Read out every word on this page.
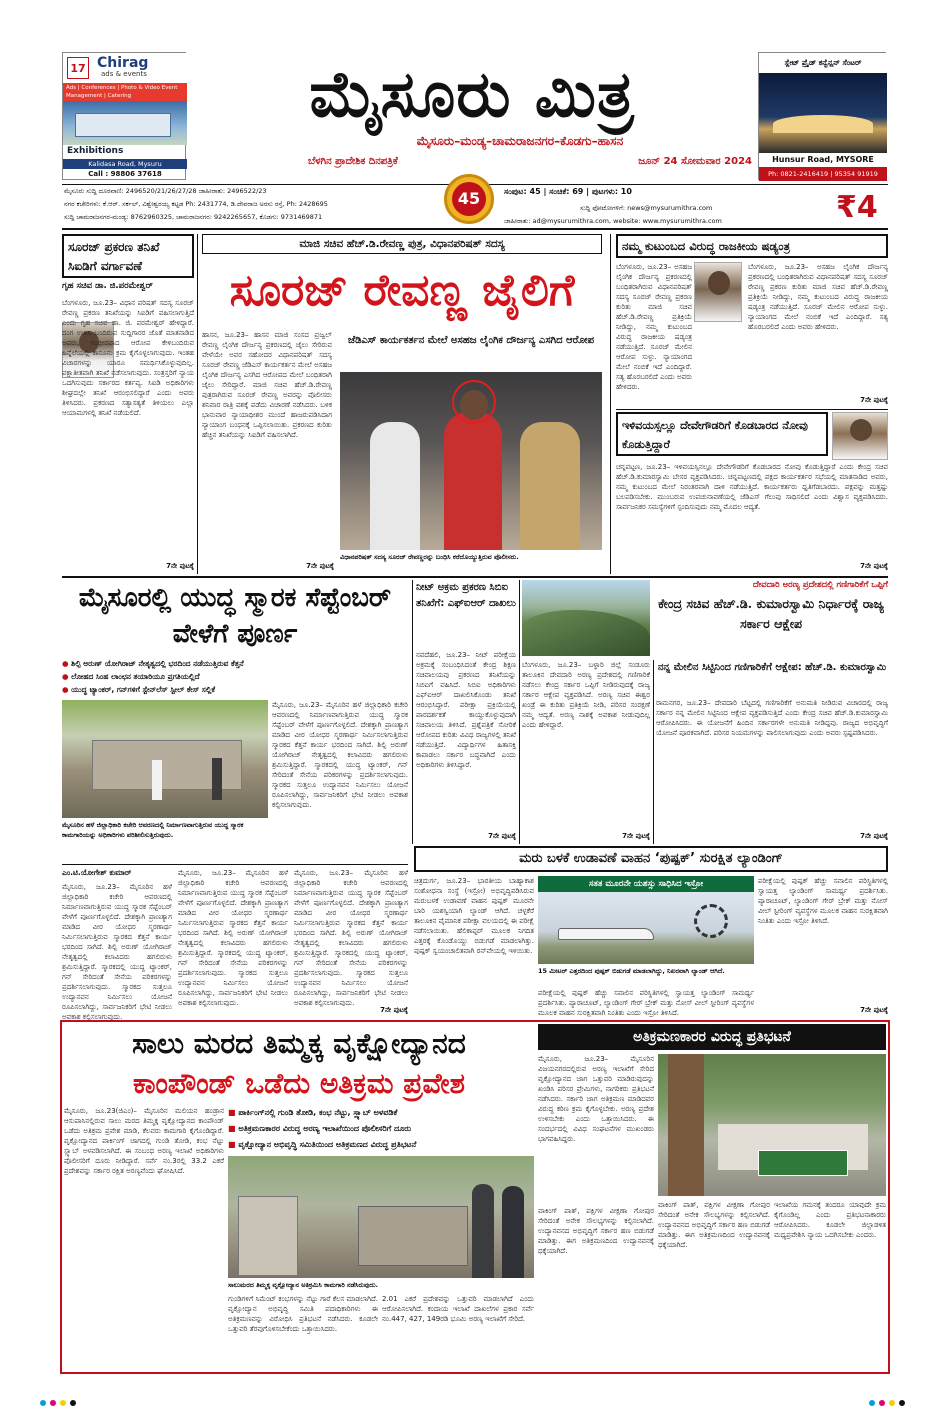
17 Chirag
ads & events
Ads | Conferences | Photo & Video Event Management | Catering
Exhibitions
Kalidasa Road, Mysuru
Call : 98806 37618
ಮೈಸೂರು ಮಿತ್ರ
ಮೈಸೂರು–ಮಂಡ್ಯ–ಚಾಮರಾಜನಗರ–ಕೊಡಗು–ಹಾಸನ
ಬೆಳಗಿನ ಪ್ರಾದೇಶಿಕ ದಿನಪತ್ರಿಕೆ	ಜೂನ್ 24 ಸೋಮವಾರ 2024
ಸ್ಲೇಟ್ ಪ್ರೈಡ್ ಕನ್ವೆನ್ಷನ್ ಸೆಂಟರ್
Hunsur Road, MYSORE
Ph: 0821-2416419 | 95354 91919
ಮೈಸೂರು ಸುದ್ದಿ ದೂರವಾಣಿ: 2496520/21/26/27/28 ಜಾಹೀರಾತು: 2496522/23
ನಗರ ಕಚೇರಿಗಳು: ಕೆ.ಆರ್. ಸರ್ಕಲ್, ವಿಶ್ವೇಶ್ವರಯ್ಯ ಕಟ್ಟಡ Ph: 2431774, ಡಿ.ದೇವರಾಜ ಅರಸು ರಸ್ತೆ, Ph: 2428695
ಸುದ್ದಿ ಚಾಮರಾಜನಗರ-ಮಂಡ್ಯ: 8762960325, ಚಾಮರಾಜನಗರ: 9242265657, ಕೊಡಗು: 9731469871
45	ಸಂಪುಟ: 45 | ಸಂಚಿಕೆ: 69 | ಪುಟಗಳು: 10
ಸುದ್ದಿ ಫೋಟೋಗಳಿಗೆ: news@mysurumithra.com
ಜಾಹೀರಾತು: ad@mysurumithra.com, website: www.mysurumithra.com	₹4
ಸೂರಜ್ ಪ್ರಕರಣ ತನಿಖೆ ಸಿಐಡಿಗೆ ವರ್ಗಾವಣೆ
ಗೃಹ ಸಚಿವ ಡಾ. ಜಿ.ಪರಮೇಶ್ವರ್
ಬೆಂಗಳೂರು, ಜೂ.23– ವಿಧಾನ ಪರಿಷತ್ ಸದಸ್ಯ ಸೂರಜ್ ರೇವಣ್ಣ ಪ್ರಕರಣ ತನಿಖೆಯನ್ನು ಸಿಐಡಿಗೆ ವಹಿಸಲಾಗುತ್ತಿದೆ ಎಂದು ಗೃಹ ಸಚಿವ ಡಾ. ಜಿ. ಪರಮೇಶ್ವರ್ ಹೇಳಿದ್ದಾರೆ. ದಂಗ ಉಳಿಸಿ ಬಂದಿರುವ ಸುದ್ದಿಗಾರರ ಜೊತೆ ಮಾತನಾಡಿದ ಅವರು, ಗಂಭೀರವಾದ ಆರೋಪ ಕೇಳಿಬಂದಿರುವ ಹಿನ್ನೆಲೆಯಲ್ಲಿ ಕಾನೂನು ಕ್ರಮ ಕೈಗೊಳ್ಳಲಾಗುವುದು. ಇಂತಹ ವಿಚಾರಗಳನ್ನು ಯಾರೂ ಸಮರ್ಥಿಸಿಕೊಳ್ಳುವುದಿಲ್ಲ. ಪಕ್ಷಾತೀತವಾಗಿ ತನಿಖೆ ನಡೆಸಲಾಗುವುದು. ಸಂತ್ರಸ್ತರಿಗೆ ನ್ಯಾಯ ಒದಗಿಸುವುದು ಸರ್ಕಾರದ ಕರ್ತವ್ಯ. ಸಿಐಡಿ ಅಧಿಕಾರಿಗಳು ಶೀಘ್ರದಲ್ಲೇ ತನಿಖೆ ಆರಂಭಿಸಲಿದ್ದಾರೆ ಎಂದು ಅವರು ತಿಳಿಸಿದರು. ಪ್ರಕರಣದ ಸತ್ಯಾಸತ್ಯತೆ ತಿಳಿಯಲು ಎಲ್ಲಾ ಆಯಾಮಗಳಲ್ಲಿ ತನಿಖೆ ನಡೆಯಲಿದೆ.
7ನೇ ಪುಟಕ್ಕೆ
ಮಾಜಿ ಸಚಿವ ಹೆಚ್.ಡಿ.ರೇವಣ್ಣ ಪುತ್ರ, ವಿಧಾನಪರಿಷತ್ ಸದಸ್ಯ
ಸೂರಜ್ ರೇವಣ್ಣ ಜೈಲಿಗೆ
ಹಾಸನ, ಜೂ.23– ಹಾಸನ ಮಾಜಿ ಸಂಸದ ಪ್ರಜ್ವಲ್ ರೇವಣ್ಣ ಲೈಂಗಿಕ ದೌರ್ಜನ್ಯ ಪ್ರಕರಣದಲ್ಲಿ ಜೈಲು ಸೇರಿರುವ ವೇಳೆಯೇ ಅವರ ಸಹೋದರ ವಿಧಾನಪರಿಷತ್ ಸದಸ್ಯ ಸೂರಜ್ ರೇವಣ್ಣ ಜೆಡಿಎಸ್ ಕಾರ್ಯಕರ್ತನ ಮೇಲೆ ಅಸಹಜ ಲೈಂಗಿಕ ದೌರ್ಜನ್ಯ ಎಸಗಿದ ಆರೋಪದ ಮೇಲೆ ಬಂಧಿತರಾಗಿ ಜೈಲು ಸೇರಿದ್ದಾರೆ. ಮಾಜಿ ಸಚಿವ ಹೆಚ್.ಡಿ.ರೇವಣ್ಣ ಪುತ್ರರಾಗಿರುವ ಸೂರಜ್ ರೇವಣ್ಣ ಅವರನ್ನು ಪೊಲೀಸರು ಶನಿವಾರ ರಾತ್ರಿ ವಶಕ್ಕೆ ಪಡೆದು ವಿಚಾರಣೆ ನಡೆಸಿದರು. ಬಳಿಕ ಭಾನುವಾರ ನ್ಯಾಯಾಧೀಶರ ಮುಂದೆ ಹಾಜರುಪಡಿಸಿದಾಗ ನ್ಯಾಯಾಂಗ ಬಂಧನಕ್ಕೆ ಒಪ್ಪಿಸಲಾಯಿತು. ಪ್ರಕರಣದ ಕುರಿತು ಹೆಚ್ಚಿನ ತನಿಖೆಯನ್ನು ಸಿಐಡಿಗೆ ವಹಿಸಲಾಗಿದೆ.
ಜೆಡಿಎಸ್ ಕಾರ್ಯಕರ್ತನ ಮೇಲೆ ಅಸಹಜ ಲೈಂಗಿಕ ದೌರ್ಜನ್ಯ ಎಸಗಿದ ಆರೋಪ
ವಿಧಾನಪರಿಷತ್ ಸದಸ್ಯ ಸೂರಜ್ ರೇವಣ್ಣರನ್ನು ಬಂಧಿಸಿ ಕರೆದೊಯ್ಯುತ್ತಿರುವ ಪೊಲೀಸರು.
7ನೇ ಪುಟಕ್ಕೆ
ನಮ್ಮ ಕುಟುಂಬದ ವಿರುದ್ಧ ರಾಜಕೀಯ ಷಡ್ಯಂತ್ರ
ಬೆಂಗಳೂರು, ಜೂ.23– ಅಸಹಜ ಲೈಂಗಿಕ ದೌರ್ಜನ್ಯ ಪ್ರಕರಣದಲ್ಲಿ ಬಂಧಿತರಾಗಿರುವ ವಿಧಾನಪರಿಷತ್ ಸದಸ್ಯ ಸೂರಜ್ ರೇವಣ್ಣ ಪ್ರಕರಣ ಕುರಿತು ಮಾಜಿ ಸಚಿವ ಹೆಚ್.ಡಿ.ರೇವಣ್ಣ ಪ್ರತಿಕ್ರಿಯೆ ನೀಡಿದ್ದು, ನಮ್ಮ ಕುಟುಂಬದ ವಿರುದ್ಧ ರಾಜಕೀಯ ಷಡ್ಯಂತ್ರ ನಡೆಯುತ್ತಿದೆ. ಸೂರಜ್ ಮೇಲಿನ ಆರೋಪ ಸುಳ್ಳು. ನ್ಯಾಯಾಂಗದ ಮೇಲೆ ನಂಬಿಕೆ ಇದೆ ಎಂದಿದ್ದಾರೆ. ಸತ್ಯ ಹೊರಬರಲಿದೆ ಎಂದು ಅವರು ಹೇಳಿದರು.
ಬೆಂಗಳೂರು, ಜೂ.23– ಅಸಹಜ ಲೈಂಗಿಕ ದೌರ್ಜನ್ಯ ಪ್ರಕರಣದಲ್ಲಿ ಬಂಧಿತರಾಗಿರುವ ವಿಧಾನಪರಿಷತ್ ಸದಸ್ಯ ಸೂರಜ್ ರೇವಣ್ಣ ಪ್ರಕರಣ ಕುರಿತು ಮಾಜಿ ಸಚಿವ ಹೆಚ್.ಡಿ.ರೇವಣ್ಣ ಪ್ರತಿಕ್ರಿಯೆ ನೀಡಿದ್ದು, ನಮ್ಮ ಕುಟುಂಬದ ವಿರುದ್ಧ ರಾಜಕೀಯ ಷಡ್ಯಂತ್ರ ನಡೆಯುತ್ತಿದೆ. ಸೂರಜ್ ಮೇಲಿನ ಆರೋಪ ಸುಳ್ಳು. ನ್ಯಾಯಾಂಗದ ಮೇಲೆ ನಂಬಿಕೆ ಇದೆ ಎಂದಿದ್ದಾರೆ. ಸತ್ಯ ಹೊರಬರಲಿದೆ ಎಂದು ಅವರು ಹೇಳಿದರು.
7ನೇ ಪುಟಕ್ಕೆ
ಇಳಿವಯಸ್ಸಲ್ಲೂ ದೇವೇಗೌಡರಿಗೆ ಕೊಡಬಾರದ ನೋವು ಕೊಡುತ್ತಿದ್ದಾರೆ
ಚನ್ನಪಟ್ಟಣ, ಜೂ.23– ಇಳಿವಯಸ್ಸಿನಲ್ಲೂ ದೇವೇಗೌಡರಿಗೆ ಕೊಡಬಾರದ ನೋವು ಕೊಡುತ್ತಿದ್ದಾರೆ ಎಂದು ಕೇಂದ್ರ ಸಚಿವ ಹೆಚ್.ಡಿ.ಕುಮಾರಸ್ವಾಮಿ ಬೇಸರ ವ್ಯಕ್ತಪಡಿಸಿದರು. ಚನ್ನಪಟ್ಟಣದಲ್ಲಿ ಪಕ್ಷದ ಕಾರ್ಯಕರ್ತರ ಸಭೆಯಲ್ಲಿ ಮಾತನಾಡಿದ ಅವರು, ನಮ್ಮ ಕುಟುಂಬದ ಮೇಲೆ ನಿರಂತರವಾಗಿ ದಾಳಿ ನಡೆಯುತ್ತಿದೆ. ಕಾರ್ಯಕರ್ತರು ಧೃತಿಗೆಡಬಾರದು. ಪಕ್ಷವನ್ನು ಮತ್ತಷ್ಟು ಬಲಪಡಿಸಬೇಕು. ಮುಂಬರುವ ಉಪಚುನಾವಣೆಯಲ್ಲಿ ಜೆಡಿಎಸ್ ಗೆಲುವು ಸಾಧಿಸಲಿದೆ ಎಂದು ವಿಶ್ವಾಸ ವ್ಯಕ್ತಪಡಿಸಿದರು. ಸಾರ್ವಜನಿಕರ ಸಮಸ್ಯೆಗಳಿಗೆ ಸ್ಪಂದಿಸುವುದು ನಮ್ಮ ಮೊದಲ ಆದ್ಯತೆ.
7ನೇ ಪುಟಕ್ಕೆ
ಮೈಸೂರಲ್ಲಿ ಯುದ್ಧ ಸ್ಮಾರಕ ಸೆಪ್ಟೆಂಬರ್ ವೇಳೆಗೆ ಪೂರ್ಣ
● ಶಿಲ್ಪಿ ಅರುಣ್ ಯೋಗಿರಾಜ್ ನೇತೃತ್ವದಲ್ಲಿ ಭರದಿಂದ ನಡೆಯುತ್ತಿರುವ ಕೆತ್ತನೆ
● ಲೋಹದ ಸಿಂಹ ಲಾಂಛನ ತಯಾರಿಯೂ ಪ್ರಗತಿಯಲ್ಲಿದೆ
● ಯುದ್ಧ ಟ್ಯಾಂಕರ್, ಗನ್‌ಗಳಿಗೆ ಸ್ಟೇನ್‌ಲೆಸ್ ಸ್ಟೀಲ್ ಕೇಸ್ ಸಲ್ಲಿಕೆ
ಮೈಸೂರಿನ ಹಳೆ ಜಿಲ್ಲಾಧಿಕಾರಿ ಕಚೇರಿ ಆವರಣದಲ್ಲಿ ನಿರ್ಮಾಣವಾಗುತ್ತಿರುವ ಯುದ್ಧ ಸ್ಮಾರಕ ಕಾಮಗಾರಿಯನ್ನು ಅಧಿಕಾರಿಗಳು ಪರಿಶೀಲಿಸುತ್ತಿರುವುದು.
ಮೈಸೂರು, ಜೂ.23– ಮೈಸೂರಿನ ಹಳೆ ಜಿಲ್ಲಾಧಿಕಾರಿ ಕಚೇರಿ ಆವರಣದಲ್ಲಿ ನಿರ್ಮಾಣವಾಗುತ್ತಿರುವ ಯುದ್ಧ ಸ್ಮಾರಕ ಸೆಪ್ಟೆಂಬರ್ ವೇಳೆಗೆ ಪೂರ್ಣಗೊಳ್ಳಲಿದೆ. ದೇಶಕ್ಕಾಗಿ ಪ್ರಾಣತ್ಯಾಗ ಮಾಡಿದ ವೀರ ಯೋಧರ ಸ್ಮರಣಾರ್ಥ ನಿರ್ಮಿಸಲಾಗುತ್ತಿರುವ ಸ್ಮಾರಕದ ಕೆತ್ತನೆ ಕಾರ್ಯ ಭರದಿಂದ ಸಾಗಿದೆ. ಶಿಲ್ಪಿ ಅರುಣ್ ಯೋಗಿರಾಜ್ ನೇತೃತ್ವದಲ್ಲಿ ಕಲಾವಿದರು ಹಗಲಿರುಳು ಶ್ರಮಿಸುತ್ತಿದ್ದಾರೆ. ಸ್ಮಾರಕದಲ್ಲಿ ಯುದ್ಧ ಟ್ಯಾಂಕರ್, ಗನ್ ಸೇರಿದಂತೆ ಸೇನೆಯ ಪರಿಕರಗಳನ್ನು ಪ್ರದರ್ಶಿಸಲಾಗುವುದು. ಸ್ಮಾರಕದ ಸುತ್ತಲೂ ಉದ್ಯಾನವನ ನಿರ್ಮಿಸಲು ಯೋಜನೆ ರೂಪಿಸಲಾಗಿದ್ದು, ಸಾರ್ವಜನಿಕರಿಗೆ ಭೇಟಿ ನೀಡಲು ಅವಕಾಶ ಕಲ್ಪಿಸಲಾಗುವುದು.
ಎಂ.ಟಿ.ಯೋಗೇಶ್ ಕುಮಾರ್
ಮೈಸೂರು, ಜೂ.23– ಮೈಸೂರಿನ ಹಳೆ ಜಿಲ್ಲಾಧಿಕಾರಿ ಕಚೇರಿ ಆವರಣದಲ್ಲಿ ನಿರ್ಮಾಣವಾಗುತ್ತಿರುವ ಯುದ್ಧ ಸ್ಮಾರಕ ಸೆಪ್ಟೆಂಬರ್ ವೇಳೆಗೆ ಪೂರ್ಣಗೊಳ್ಳಲಿದೆ. ದೇಶಕ್ಕಾಗಿ ಪ್ರಾಣತ್ಯಾಗ ಮಾಡಿದ ವೀರ ಯೋಧರ ಸ್ಮರಣಾರ್ಥ ನಿರ್ಮಿಸಲಾಗುತ್ತಿರುವ ಸ್ಮಾರಕದ ಕೆತ್ತನೆ ಕಾರ್ಯ ಭರದಿಂದ ಸಾಗಿದೆ. ಶಿಲ್ಪಿ ಅರುಣ್ ಯೋಗಿರಾಜ್ ನೇತೃತ್ವದಲ್ಲಿ ಕಲಾವಿದರು ಹಗಲಿರುಳು ಶ್ರಮಿಸುತ್ತಿದ್ದಾರೆ. ಸ್ಮಾರಕದಲ್ಲಿ ಯುದ್ಧ ಟ್ಯಾಂಕರ್, ಗನ್ ಸೇರಿದಂತೆ ಸೇನೆಯ ಪರಿಕರಗಳನ್ನು ಪ್ರದರ್ಶಿಸಲಾಗುವುದು. ಸ್ಮಾರಕದ ಸುತ್ತಲೂ ಉದ್ಯಾನವನ ನಿರ್ಮಿಸಲು ಯೋಜನೆ ರೂಪಿಸಲಾಗಿದ್ದು, ಸಾರ್ವಜನಿಕರಿಗೆ ಭೇಟಿ ನೀಡಲು ಅವಕಾಶ ಕಲ್ಪಿಸಲಾಗುವುದು.
ಮೈಸೂರು, ಜೂ.23– ಮೈಸೂರಿನ ಹಳೆ ಜಿಲ್ಲಾಧಿಕಾರಿ ಕಚೇರಿ ಆವರಣದಲ್ಲಿ ನಿರ್ಮಾಣವಾಗುತ್ತಿರುವ ಯುದ್ಧ ಸ್ಮಾರಕ ಸೆಪ್ಟೆಂಬರ್ ವೇಳೆಗೆ ಪೂರ್ಣಗೊಳ್ಳಲಿದೆ. ದೇಶಕ್ಕಾಗಿ ಪ್ರಾಣತ್ಯಾಗ ಮಾಡಿದ ವೀರ ಯೋಧರ ಸ್ಮರಣಾರ್ಥ ನಿರ್ಮಿಸಲಾಗುತ್ತಿರುವ ಸ್ಮಾರಕದ ಕೆತ್ತನೆ ಕಾರ್ಯ ಭರದಿಂದ ಸಾಗಿದೆ. ಶಿಲ್ಪಿ ಅರುಣ್ ಯೋಗಿರಾಜ್ ನೇತೃತ್ವದಲ್ಲಿ ಕಲಾವಿದರು ಹಗಲಿರುಳು ಶ್ರಮಿಸುತ್ತಿದ್ದಾರೆ. ಸ್ಮಾರಕದಲ್ಲಿ ಯುದ್ಧ ಟ್ಯಾಂಕರ್, ಗನ್ ಸೇರಿದಂತೆ ಸೇನೆಯ ಪರಿಕರಗಳನ್ನು ಪ್ರದರ್ಶಿಸಲಾಗುವುದು. ಸ್ಮಾರಕದ ಸುತ್ತಲೂ ಉದ್ಯಾನವನ ನಿರ್ಮಿಸಲು ಯೋಜನೆ ರೂಪಿಸಲಾಗಿದ್ದು, ಸಾರ್ವಜನಿಕರಿಗೆ ಭೇಟಿ ನೀಡಲು ಅವಕಾಶ ಕಲ್ಪಿಸಲಾಗುವುದು.
ಮೈಸೂರು, ಜೂ.23– ಮೈಸೂರಿನ ಹಳೆ ಜಿಲ್ಲಾಧಿಕಾರಿ ಕಚೇರಿ ಆವರಣದಲ್ಲಿ ನಿರ್ಮಾಣವಾಗುತ್ತಿರುವ ಯುದ್ಧ ಸ್ಮಾರಕ ಸೆಪ್ಟೆಂಬರ್ ವೇಳೆಗೆ ಪೂರ್ಣಗೊಳ್ಳಲಿದೆ. ದೇಶಕ್ಕಾಗಿ ಪ್ರಾಣತ್ಯಾಗ ಮಾಡಿದ ವೀರ ಯೋಧರ ಸ್ಮರಣಾರ್ಥ ನಿರ್ಮಿಸಲಾಗುತ್ತಿರುವ ಸ್ಮಾರಕದ ಕೆತ್ತನೆ ಕಾರ್ಯ ಭರದಿಂದ ಸಾಗಿದೆ. ಶಿಲ್ಪಿ ಅರುಣ್ ಯೋಗಿರಾಜ್ ನೇತೃತ್ವದಲ್ಲಿ ಕಲಾವಿದರು ಹಗಲಿರುಳು ಶ್ರಮಿಸುತ್ತಿದ್ದಾರೆ. ಸ್ಮಾರಕದಲ್ಲಿ ಯುದ್ಧ ಟ್ಯಾಂಕರ್, ಗನ್ ಸೇರಿದಂತೆ ಸೇನೆಯ ಪರಿಕರಗಳನ್ನು ಪ್ರದರ್ಶಿಸಲಾಗುವುದು. ಸ್ಮಾರಕದ ಸುತ್ತಲೂ ಉದ್ಯಾನವನ ನಿರ್ಮಿಸಲು ಯೋಜನೆ ರೂಪಿಸಲಾಗಿದ್ದು, ಸಾರ್ವಜನಿಕರಿಗೆ ಭೇಟಿ ನೀಡಲು ಅವಕಾಶ ಕಲ್ಪಿಸಲಾಗುವುದು.
7ನೇ ಪುಟಕ್ಕೆ
ನೀಟ್ ಅಕ್ರಮ ಪ್ರಕರಣ ಸಿಬಿಐ ತನಿಖೆಗೆ: ಎಫ್‌ಐಆರ್ ದಾಖಲು
ನವದೆಹಲಿ, ಜೂ.23– ನೀಟ್ ಪರೀಕ್ಷೆಯ ಅಕ್ರಮಕ್ಕೆ ಸಂಬಂಧಿಸಿದಂತೆ ಕೇಂದ್ರ ಶಿಕ್ಷಣ ಸಚಿವಾಲಯವು ಪ್ರಕರಣದ ತನಿಖೆಯನ್ನು ಸಿಬಿಐಗೆ ವಹಿಸಿದೆ. ಸಿಬಿಐ ಅಧಿಕಾರಿಗಳು ಎಫ್‌ಐಆರ್ ದಾಖಲಿಸಿಕೊಂಡು ತನಿಖೆ ಆರಂಭಿಸಿದ್ದಾರೆ. ಪರೀಕ್ಷಾ ಪ್ರಕ್ರಿಯೆಯಲ್ಲಿ ಪಾರದರ್ಶಕತೆ ಕಾಯ್ದುಕೊಳ್ಳುವುದಾಗಿ ಸಚಿವಾಲಯ ತಿಳಿಸಿದೆ. ಪ್ರಶ್ನೆಪತ್ರಿಕೆ ಸೋರಿಕೆ ಆರೋಪದ ಕುರಿತು ವಿವಿಧ ರಾಜ್ಯಗಳಲ್ಲಿ ತನಿಖೆ ನಡೆಯುತ್ತಿದೆ. ವಿದ್ಯಾರ್ಥಿಗಳ ಹಿತಾಸಕ್ತಿ ಕಾಪಾಡಲು ಸರ್ಕಾರ ಬದ್ಧವಾಗಿದೆ ಎಂದು ಅಧಿಕಾರಿಗಳು ತಿಳಿಸಿದ್ದಾರೆ.
7ನೇ ಪುಟಕ್ಕೆ
ದೇವದಾರಿ ಅರಣ್ಯ ಪ್ರದೇಶದಲ್ಲಿ ಗಣಿಗಾರಿಕೆಗೆ ಒಪ್ಪಿಗೆ
ಕೇಂದ್ರ ಸಚಿವ ಹೆಚ್.ಡಿ. ಕುಮಾರಸ್ವಾಮಿ ನಿರ್ಧಾರಕ್ಕೆ ರಾಜ್ಯ ಸರ್ಕಾರ ಆಕ್ಷೇಪ
ಬೆಂಗಳೂರು, ಜೂ.23– ಬಳ್ಳಾರಿ ಜಿಲ್ಲೆ ಸಂಡೂರು ತಾಲೂಕಿನ ದೇವದಾರಿ ಅರಣ್ಯ ಪ್ರದೇಶದಲ್ಲಿ ಗಣಿಗಾರಿಕೆ ನಡೆಸಲು ಕೇಂದ್ರ ಸರ್ಕಾರ ಒಪ್ಪಿಗೆ ನೀಡಿರುವುದಕ್ಕೆ ರಾಜ್ಯ ಸರ್ಕಾರ ಆಕ್ಷೇಪ ವ್ಯಕ್ತಪಡಿಸಿದೆ. ಅರಣ್ಯ ಸಚಿವ ಈಶ್ವರ ಖಂಡ್ರೆ ಈ ಕುರಿತು ಪ್ರತಿಕ್ರಿಯೆ ನೀಡಿ, ಪರಿಸರ ಸಂರಕ್ಷಣೆ ನಮ್ಮ ಆದ್ಯತೆ. ಅರಣ್ಯ ನಾಶಕ್ಕೆ ಅವಕಾಶ ನೀಡುವುದಿಲ್ಲ ಎಂದು ಹೇಳಿದ್ದಾರೆ.
7ನೇ ಪುಟಕ್ಕೆ
ನನ್ನ ಮೇಲಿನ ಸಿಟ್ಟಿನಿಂದ ಗಣಿಗಾರಿಕೆಗೆ ಆಕ್ಷೇಪ: ಹೆಚ್.ಡಿ. ಕುಮಾರಸ್ವಾಮಿ
ರಾಮನಗರ, ಜೂ.23– ದೇವದಾರಿ ಬೆಟ್ಟದಲ್ಲಿ ಗಣಿಗಾರಿಕೆಗೆ ಅನುಮತಿ ನೀಡಿರುವ ವಿಚಾರದಲ್ಲಿ ರಾಜ್ಯ ಸರ್ಕಾರ ನನ್ನ ಮೇಲಿನ ಸಿಟ್ಟಿನಿಂದ ಆಕ್ಷೇಪ ವ್ಯಕ್ತಪಡಿಸುತ್ತಿದೆ ಎಂದು ಕೇಂದ್ರ ಸಚಿವ ಹೆಚ್.ಡಿ.ಕುಮಾರಸ್ವಾಮಿ ಆರೋಪಿಸಿದರು. ಈ ಯೋಜನೆಗೆ ಹಿಂದಿನ ಸರ್ಕಾರಗಳೇ ಅನುಮತಿ ನೀಡಿದ್ದವು. ರಾಜ್ಯದ ಅಭಿವೃದ್ಧಿಗೆ ಯೋಜನೆ ಪೂರಕವಾಗಿದೆ. ಪರಿಸರ ನಿಯಮಗಳನ್ನು ಪಾಲಿಸಲಾಗುವುದು ಎಂದು ಅವರು ಸ್ಪಷ್ಟಪಡಿಸಿದರು.
7ನೇ ಪುಟಕ್ಕೆ
ಮರು ಬಳಕೆ ಉಡಾವಣೆ ವಾಹನ ‘ಪುಷ್ಪಕ್’ ಸುರಕ್ಷಿತ ಲ್ಯಾಂಡಿಂಗ್
ಚಿತ್ರದುರ್ಗ, ಜೂ.23– ಭಾರತೀಯ ಬಾಹ್ಯಾಕಾಶ ಸಂಶೋಧನಾ ಸಂಸ್ಥೆ (ಇಸ್ರೋ) ಅಭಿವೃದ್ಧಿಪಡಿಸಿರುವ ಮರುಬಳಕೆ ಉಡಾವಣೆ ವಾಹನ ಪುಷ್ಪಕ್ ಮೂರನೇ ಬಾರಿ ಯಶಸ್ವಿಯಾಗಿ ಲ್ಯಾಂಡ್ ಆಗಿದೆ. ಚಳ್ಳಕೆರೆ ತಾಲೂಕಿನ ವೈಮಾನಿಕ ಪರೀಕ್ಷಾ ವಲಯದಲ್ಲಿ ಈ ಪರೀಕ್ಷೆ ನಡೆಸಲಾಯಿತು. ಹೆಲಿಕಾಪ್ಟರ್ ಮೂಲಕ ನಿಗದಿತ ಎತ್ತರಕ್ಕೆ ಕೊಂಡೊಯ್ದು ಬಿಡುಗಡೆ ಮಾಡಲಾಗಿತ್ತು. ಪುಷ್ಪಕ್ ಸ್ವಯಂಚಾಲಿತವಾಗಿ ರನ್‌ವೇಯಲ್ಲಿ ಇಳಿಯಿತು.
ಸತತ ಮೂರನೇ ಯಶಸ್ಸು ಸಾಧಿಸಿದ ಇಸ್ರೋ
15 ಮೀಟರ್ ಎತ್ತರದಿಂದ ಪುಷ್ಪಕ್ ಬಿಡುಗಡೆ ಮಾಡಲಾಗಿದ್ದು, ನಿಖರವಾಗಿ ಲ್ಯಾಂಡ್ ಆಗಿದೆ.
ಪರೀಕ್ಷೆಯಲ್ಲಿ ಪುಷ್ಪಕ್ ಹೆಚ್ಚು ಸವಾಲಿನ ಪರಿಸ್ಥಿತಿಗಳಲ್ಲಿ ಸ್ವಾಯತ್ತ ಲ್ಯಾಂಡಿಂಗ್ ಸಾಮರ್ಥ್ಯ ಪ್ರದರ್ಶಿಸಿತು. ಪ್ಯಾರಾಚೂಟ್, ಲ್ಯಾಂಡಿಂಗ್ ಗೇರ್ ಬ್ರೇಕ್ ಮತ್ತು ನೋಸ್ ವೀಲ್ ಸ್ಟೀರಿಂಗ್ ವ್ಯವಸ್ಥೆಗಳ ಮೂಲಕ ವಾಹನ ಸುರಕ್ಷಿತವಾಗಿ ನಿಂತಿತು ಎಂದು ಇಸ್ರೋ ತಿಳಿಸಿದೆ.
ಪರೀಕ್ಷೆಯಲ್ಲಿ ಪುಷ್ಪಕ್ ಹೆಚ್ಚು ಸವಾಲಿನ ಪರಿಸ್ಥಿತಿಗಳಲ್ಲಿ ಸ್ವಾಯತ್ತ ಲ್ಯಾಂಡಿಂಗ್ ಸಾಮರ್ಥ್ಯ ಪ್ರದರ್ಶಿಸಿತು. ಪ್ಯಾರಾಚೂಟ್, ಲ್ಯಾಂಡಿಂಗ್ ಗೇರ್ ಬ್ರೇಕ್ ಮತ್ತು ನೋಸ್ ವೀಲ್ ಸ್ಟೀರಿಂಗ್ ವ್ಯವಸ್ಥೆಗಳ ಮೂಲಕ ವಾಹನ ಸುರಕ್ಷಿತವಾಗಿ ನಿಂತಿತು ಎಂದು ಇಸ್ರೋ ತಿಳಿಸಿದೆ.
7ನೇ ಪುಟಕ್ಕೆ
ಸಾಲು ಮರದ ತಿಮ್ಮಕ್ಕ ವೃಕ್ಷೋದ್ಯಾನದ
ಕಾಂಪೌಂಡ್ ಒಡೆದು ಅತಿಕ್ರಮ ಪ್ರವೇಶ
ಮೈಸೂರು, ಜೂ.23(ಜಿಎಂ)– ಮೈಸೂರಿನ ಮಲಿಯನ ಹಂಡ್ರಾನ ಆಸುಪಾಸಿನಲ್ಲಿರುವ ಸಾಲು ಮರದ ತಿಮ್ಮಕ್ಕ ವೃಕ್ಷೋದ್ಯಾನದ ಕಾಂಪೌಂಡ್ ಒಡೆದು ಅತಿಕ್ರಮ ಪ್ರವೇಶ ಮಾಡಿ, ಕೆಲವರು ಕಾಮಗಾರಿ ಕೈಗೊಂಡಿದ್ದಾರೆ. ವೃಕ್ಷೋದ್ಯಾನದ ಪಾರ್ಕಿಂಗ್ ಜಾಗದಲ್ಲಿ ಗುಂಡಿ ತೋಡಿ, ಕಂಭ ನೆಟ್ಟು ಸ್ಲ್ಯಾಬ್ ಅಳವಡಿಸಲಾಗಿದೆ. ಈ ಸಂಬಂಧ ಅರಣ್ಯ ಇಲಾಖೆ ಅಧಿಕಾರಿಗಳು ಪೊಲೀಸರಿಗೆ ದೂರು ನೀಡಿದ್ದಾರೆ. ಸರ್ವೆ ನಂ.3ರಲ್ಲಿ 33.2 ಎಕರೆ ಪ್ರದೇಶವನ್ನು ಸರ್ಕಾರ ರಕ್ಷಿತ ಅರಣ್ಯವೆಂದು ಘೋಷಿಸಿದೆ.
■ ಪಾರ್ಕಿಂಗ್‌ನಲ್ಲಿ ಗುಂಡಿ ತೋಡಿ, ಕಂಭ ನೆಟ್ಟು, ಸ್ಲ್ಯಾಬ್ ಅಳವಡಿಕೆ
■ ಅತಿಕ್ರಮಣಕಾರರ ವಿರುದ್ಧ ಅರಣ್ಯ ಇಲಾಖೆಯಿಂದ ಪೊಲೀಸರಿಗೆ ದೂರು
■ ವೃಕ್ಷೋದ್ಯಾನ ಅಭಿವೃದ್ಧಿ ಸಮಿತಿಯಿಂದ ಅತಿಕ್ರಮಣದ ವಿರುದ್ಧ ಪ್ರತಿಭಟನೆ
ಸಾಲುಮರದ ತಿಮ್ಮಕ್ಕ ವೃಕ್ಷೋದ್ಯಾನ ಅತಿಕ್ರಮಿಸಿ ಕಾಮಗಾರಿ ನಡೆಸಿರುವುದು.
ಗುಂಡಿಗಳಿಗೆ ಸಿಮೆಂಟ್ ಕಂಭಗಳನ್ನು ನೆಟ್ಟು ಗಾರೆ ಕೆಲಸ ಮಾಡಲಾಗಿದೆ. ವೃಕ್ಷೋದ್ಯಾನ ಅಭಿವೃದ್ಧಿ ಸಮಿತಿ ಪದಾಧಿಕಾರಿಗಳು ಈ ಅತಿಕ್ರಮಣವನ್ನು ವಿರೋಧಿಸಿ ಪ್ರತಿಭಟನೆ ನಡೆಸಿದರು. ಕೂಡಲೇ ಒತ್ತುವರಿ ತೆರವುಗೊಳಿಸಬೇಕೆಂದು ಒತ್ತಾಯಿಸಿದರು.
2.01 ಎಕರೆ ಪ್ರದೇಶವನ್ನು ಒತ್ತುವರಿ ಮಾಡಲಾಗಿದೆ ಎಂದು ಆರೋಪಿಸಲಾಗಿದೆ. ಕಂದಾಯ ಇಲಾಖೆ ದಾಖಲೆಗಳ ಪ್ರಕಾರ ಸರ್ವೆ ನಂ.447, 427, 149ರಡಿ ಭೂಮಿ ಅರಣ್ಯ ಇಲಾಖೆಗೆ ಸೇರಿದೆ.
ಅತಿಕ್ರಮಣಕಾರರ ವಿರುದ್ಧ ಪ್ರತಿಭಟನೆ
ಮೈಸೂರು, ಜೂ.23– ಮೈಸೂರಿನ ವಿಜಯನಗರದಲ್ಲಿರುವ ಅರಣ್ಯ ಇಲಾಖೆಗೆ ಸೇರಿದ ವೃಕ್ಷೋದ್ಯಾನದ ಜಾಗ ಒತ್ತುವರಿ ಮಾಡಿರುವುದನ್ನು ಖಂಡಿಸಿ ಪರಿಸರ ಪ್ರೇಮಿಗಳು, ನಾಗರಿಕರು ಪ್ರತಿಭಟನೆ ನಡೆಸಿದರು. ಸರ್ಕಾರಿ ಜಾಗ ಅತಿಕ್ರಮಣ ಮಾಡಿದವರ ವಿರುದ್ಧ ಕಠಿಣ ಕ್ರಮ ಕೈಗೊಳ್ಳಬೇಕು. ಅರಣ್ಯ ಪ್ರದೇಶ ಉಳಿಸಬೇಕು ಎಂದು ಒತ್ತಾಯಿಸಿದರು. ಈ ಸಂದರ್ಭದಲ್ಲಿ ವಿವಿಧ ಸಂಘಟನೆಗಳ ಮುಖಂಡರು ಭಾಗವಹಿಸಿದ್ದರು.
ವಾಕಿಂಗ್ ಪಾತ್, ಪಕ್ಷಿಗಳ ವೀಕ್ಷಣಾ ಗೋಪುರ ಸೇರಿದಂತೆ ಅನೇಕ ಸೌಲಭ್ಯಗಳನ್ನು ಕಲ್ಪಿಸಲಾಗಿದೆ. ಉದ್ಯಾನವನದ ಅಭಿವೃದ್ಧಿಗೆ ಸರ್ಕಾರ ಹಣ ಬಿಡುಗಡೆ ಮಾಡಿತ್ತು. ಈಗ ಅತಿಕ್ರಮಣದಿಂದ ಉದ್ಯಾನವನಕ್ಕೆ ಧಕ್ಕೆಯಾಗಿದೆ.
ವಾಕಿಂಗ್ ಪಾತ್, ಪಕ್ಷಿಗಳ ವೀಕ್ಷಣಾ ಗೋಪುರ ಸೇರಿದಂತೆ ಅನೇಕ ಸೌಲಭ್ಯಗಳನ್ನು ಕಲ್ಪಿಸಲಾಗಿದೆ. ಉದ್ಯಾನವನದ ಅಭಿವೃದ್ಧಿಗೆ ಸರ್ಕಾರ ಹಣ ಬಿಡುಗಡೆ ಮಾಡಿತ್ತು. ಈಗ ಅತಿಕ್ರಮಣದಿಂದ ಉದ್ಯಾನವನಕ್ಕೆ ಧಕ್ಕೆಯಾಗಿದೆ.
ಇಲಾಖೆಯ ಗಮನಕ್ಕೆ ತಂದರೂ ಯಾವುದೇ ಕ್ರಮ ಕೈಗೊಂಡಿಲ್ಲ ಎಂದು ಪ್ರತಿಭಟನಾಕಾರರು ಆರೋಪಿಸಿದರು. ಕೂಡಲೇ ಜಿಲ್ಲಾಡಳಿತ ಮಧ್ಯಪ್ರವೇಶಿಸಿ ನ್ಯಾಯ ಒದಗಿಸಬೇಕು ಎಂದರು.
